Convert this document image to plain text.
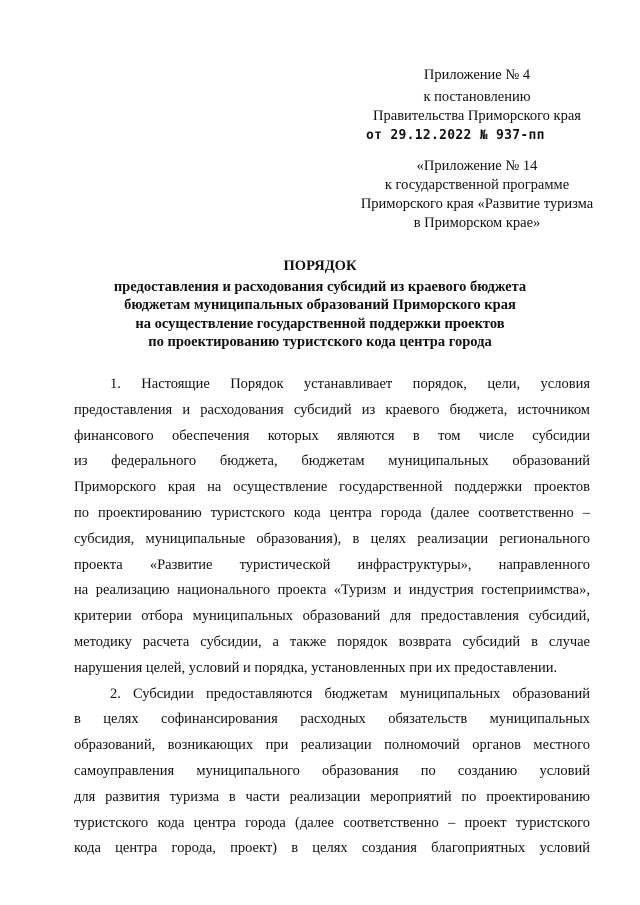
Приложение № 4
к постановлению
Правительства Приморского края
от 29.12.2022 № 937-пп
«Приложение № 14
к государственной программе
Приморского края «Развитие туризма
в Приморском крае»
ПОРЯДОК
предоставления и расходования субсидий из краевого бюджета
бюджетам муниципальных образований Приморского края
на осуществление государственной поддержки проектов
по проектированию туристского кода центра города
1. Настоящие Порядок устанавливает порядок, цели, условия
предоставления и расходования субсидий из краевого бюджета, источником
финансового обеспечения которых являются в том числе субсидии
из федерального бюджета, бюджетам муниципальных образований
Приморского края на осуществление государственной поддержки проектов
по проектированию туристского кода центра города (далее соответственно –
субсидия, муниципальные образования), в целях реализации регионального
проекта «Развитие туристической инфраструктуры», направленного
на реализацию национального проекта «Туризм и индустрия гостеприимства»,
критерии отбора муниципальных образований для предоставления субсидий,
методику расчета субсидии, а также порядок возврата субсидий в случае
нарушения целей, условий и порядка, установленных при их предоставлении.
2. Субсидии предоставляются бюджетам муниципальных образований
в целях софинансирования расходных обязательств муниципальных
образований, возникающих при реализации полномочий органов местного
самоуправления муниципального образования по созданию условий
для развития туризма в части реализации мероприятий по проектированию
туристского кода центра города (далее соответственно – проект туристского
кода центра города, проект) в целях создания благоприятных условий
